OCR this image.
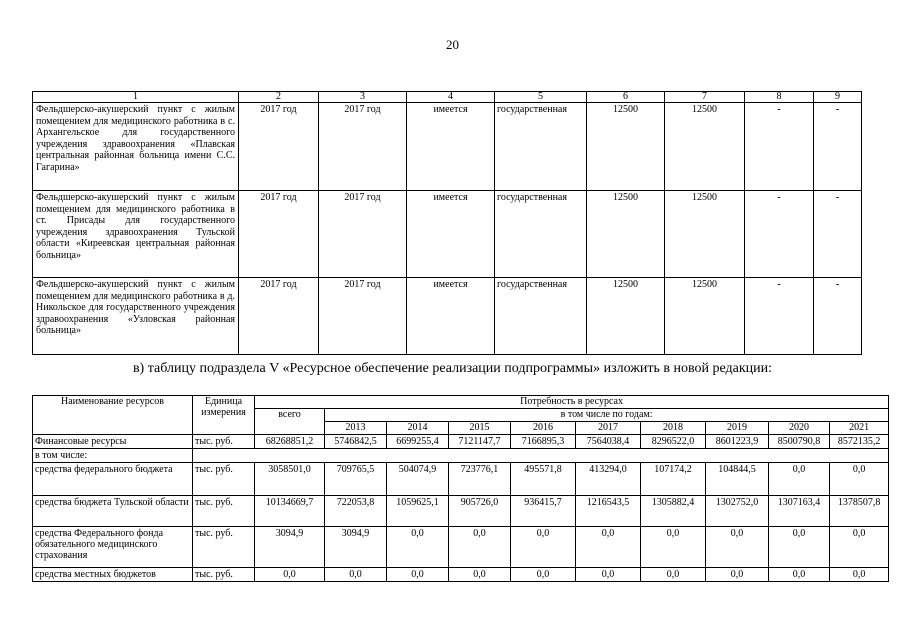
20
1	2	3	4	5	6	7	8	9
Фельдшерско-акушерский пункт с жилым помещением для медицинского работника в с. Архангельское для государственного учреждения здравоохранения «Плавская центральная районная больница имени С.С. Гагарина»	2017 год	2017 год	имеется	государственная	12500	12500	-	-
Фельдшерско-акушерский пункт с жилым помещением для медицинского работника в ст. Присады для государственного учреждения здравоохранения Тульской области «Киреевская центральная районная больница»	2017 год	2017 год	имеется	государственная	12500	12500	-	-
Фельдшерско-акушерский пункт с жилым помещением для медицинского работника в д. Никольское для государственного учреждения здравоохранения «Узловская районная больница»	2017 год	2017 год	имеется	государственная	12500	12500	-	-
в) таблицу подраздела V «Ресурсное обеспечение реализации подпрограммы» изложить в новой редакции:
Наименование ресурсов	Единица измерения	Потребность в ресурсах									
		всего	в том числе по годам:								
			2013	2014	2015	2016	2017	2018	2019	2020	2021
Финансовые ресурсы	тыс. руб.	68268851,2	5746842,5	6699255,4	7121147,7	7166895,3	7564038,4	8296522,0	8601223,9	8500790,8	8572135,2
в том числе:											
средства федерального бюджета	тыс. руб.	3058501,0	709765,5	504074,9	723776,1	495571,8	413294,0	107174,2	104844,5	0,0	0,0
средства бюджета Тульской области	тыс. руб.	10134669,7	722053,8	1059625,1	905726,0	936415,7	1216543,5	1305882,4	1302752,0	1307163,4	1378507,8
средства Федерального фонда обязательного медицинского страхования	тыс. руб.	3094,9	3094,9	0,0	0,0	0,0	0,0	0,0	0,0	0,0	0,0
средства местных бюджетов	тыс. руб.	0,0	0,0	0,0	0,0	0,0	0,0	0,0	0,0	0,0	0,0
